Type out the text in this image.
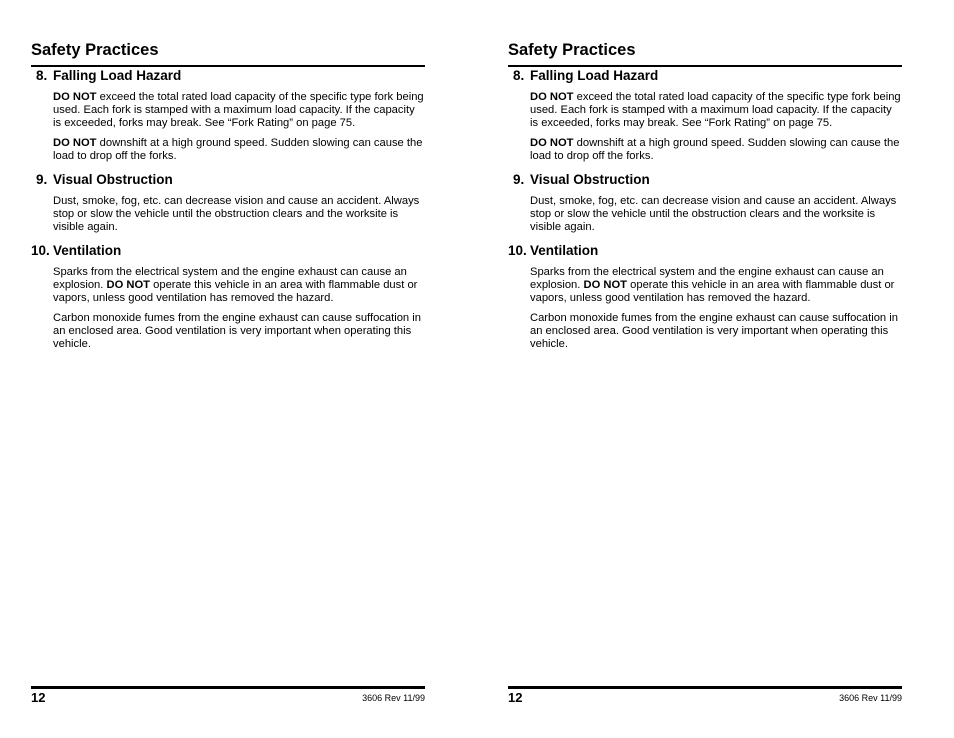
Safety Practices
8. Falling Load Hazard

DO NOT exceed the total rated load capacity of the specific type fork being used. Each fork is stamped with a maximum load capacity. If the capacity is exceeded, forks may break. See “Fork Rating” on page 75.

DO NOT downshift at a high ground speed. Sudden slowing can cause the load to drop off the forks.

9. Visual Obstruction

Dust, smoke, fog, etc. can decrease vision and cause an accident. Always stop or slow the vehicle until the obstruction clears and the worksite is visible again.

10. Ventilation

Sparks from the electrical system and the engine exhaust can cause an explosion. DO NOT operate this vehicle in an area with flammable dust or vapors, unless good ventilation has removed the hazard.

Carbon monoxide fumes from the engine exhaust can cause suffocation in an enclosed area. Good ventilation is very important when operating this vehicle.

12	3606 Rev 11/99
Safety Practices
8. Falling Load Hazard

DO NOT exceed the total rated load capacity of the specific type fork being used. Each fork is stamped with a maximum load capacity. If the capacity is exceeded, forks may break. See “Fork Rating” on page 75.

DO NOT downshift at a high ground speed. Sudden slowing can cause the load to drop off the forks.

9. Visual Obstruction

Dust, smoke, fog, etc. can decrease vision and cause an accident. Always stop or slow the vehicle until the obstruction clears and the worksite is visible again.

10. Ventilation

Sparks from the electrical system and the engine exhaust can cause an explosion. DO NOT operate this vehicle in an area with flammable dust or vapors, unless good ventilation has removed the hazard.

Carbon monoxide fumes from the engine exhaust can cause suffocation in an enclosed area. Good ventilation is very important when operating this vehicle.

12	3606 Rev 11/99
